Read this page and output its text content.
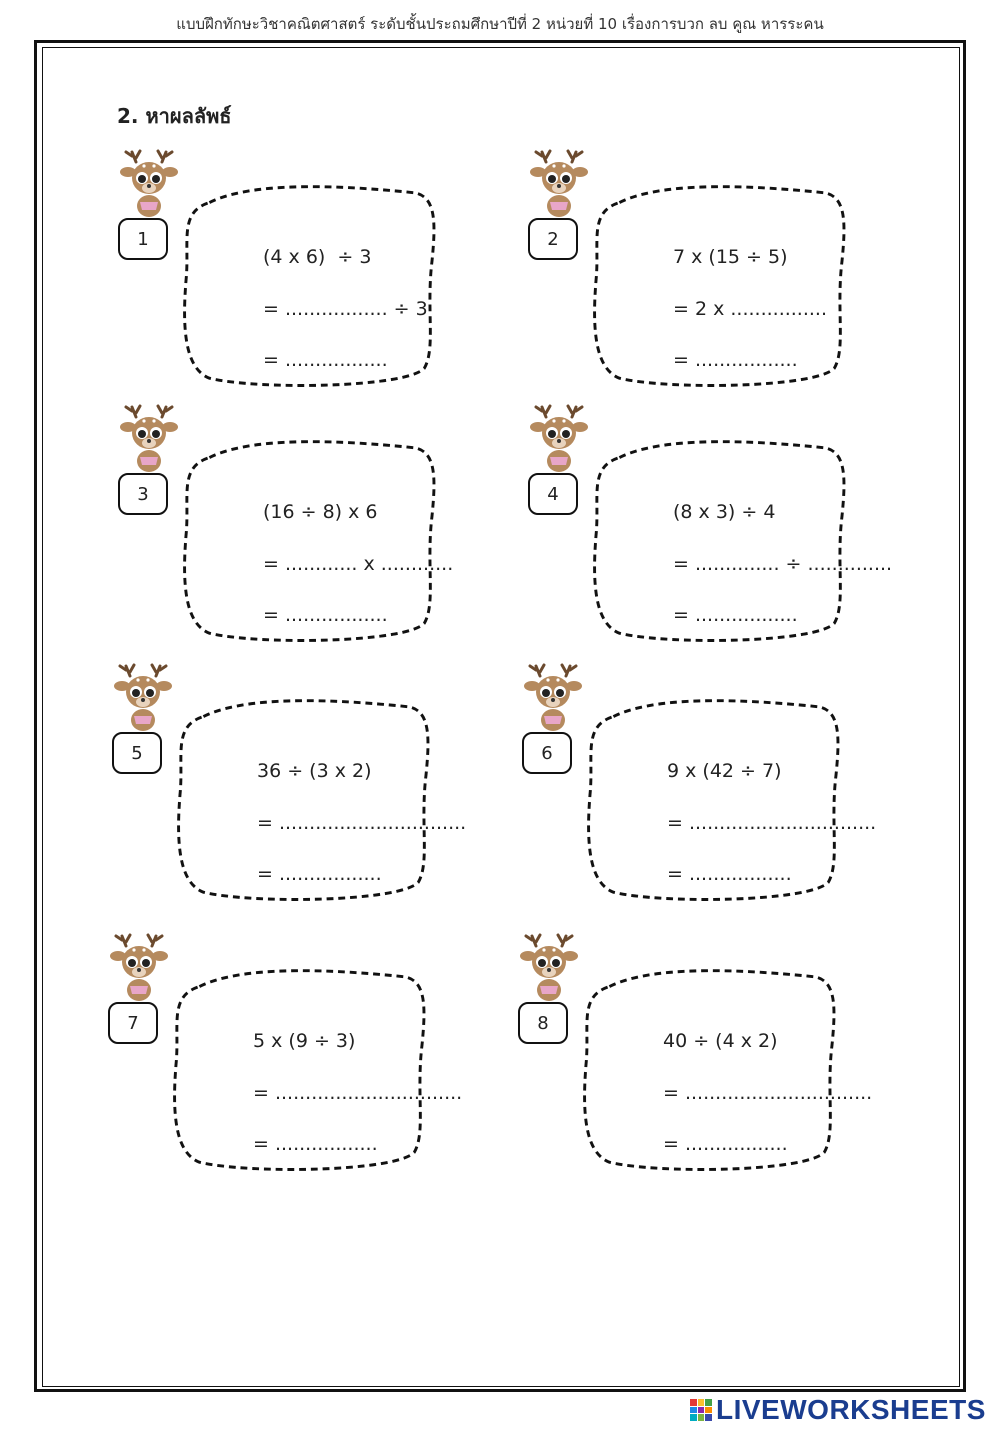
แบบฝึกทักษะวิชาคณิตศาสตร์ ระดับชั้นประถมศึกษาปีที่ 2 หน่วยที่ 10 เรื่องการบวก ลบ คูณ หารระคน
2. หาผลลัพธ์
1
(4 x 6)  ÷ 3
= ................. ÷ 3
= .................
2
7 x (15 ÷ 5)
= 2 x ................
= .................
3
(16 ÷ 8) x 6
= ............ x ............
= .................
4
(8 x 3) ÷ 4
= .............. ÷ ..............
= .................
5
36 ÷ (3 x 2)
= ...............................
= .................
6
9 x (42 ÷ 7)
= ...............................
= .................
7
5 x (9 ÷ 3)
= ...............................
= .................
8
40 ÷ (4 x 2)
= ...............................
= .................
LIVEWORKSHEETS
